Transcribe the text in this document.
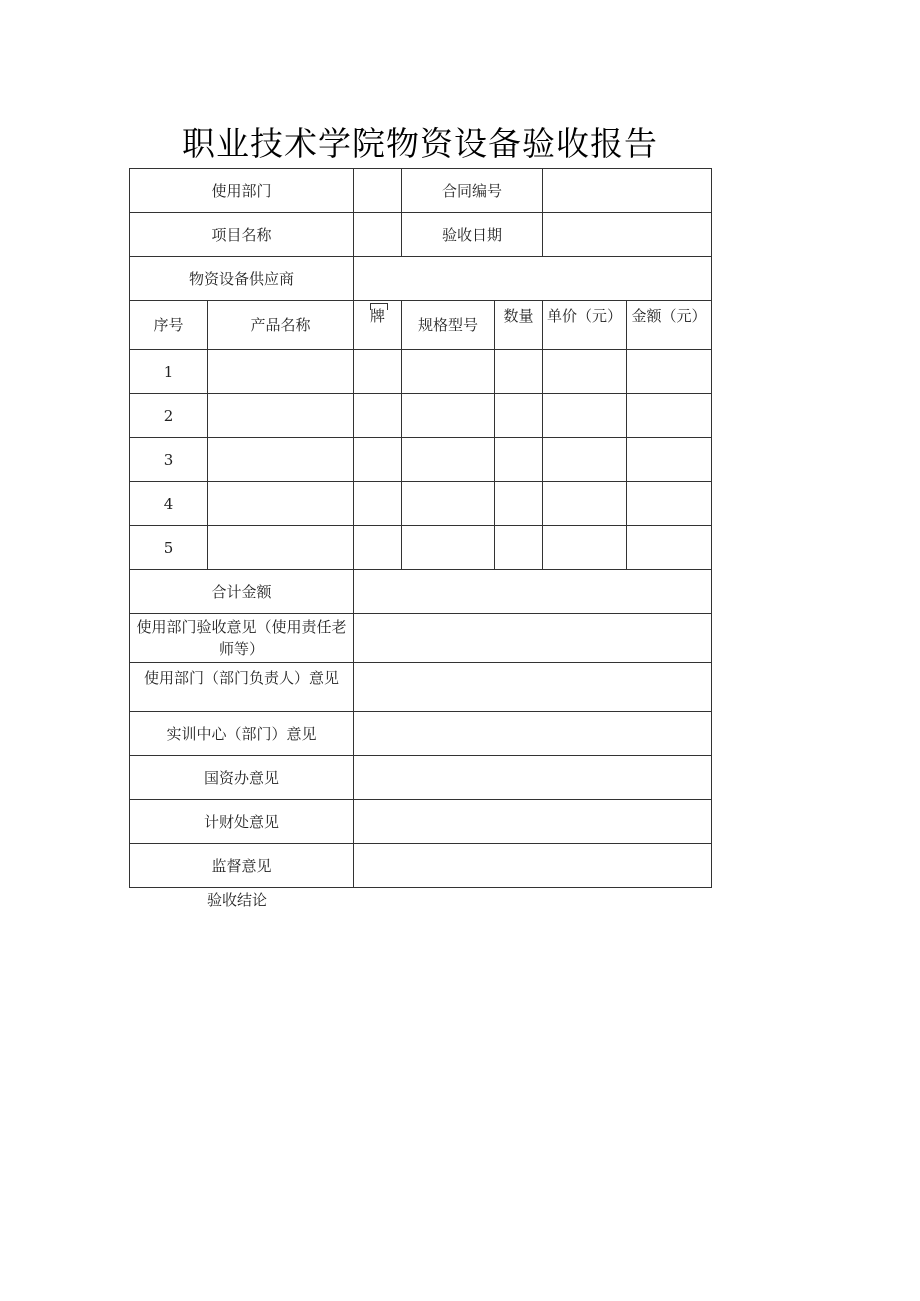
职业技术学院物资设备验收报告
使用部门			合同编号			
项目名称			验收日期			
物资设备供应商						
序号	产品名称	牌	规格型号	数量	单价（元）	金额（元）
1						
2						
3						
4						
5						
合计金额						
使用部门验收意见（使用责任老师等）						
使用部门（部门负责人）意见						
实训中心（部门）意见						
国资办意见						
计财处意见						
监督意见						
验收结论
